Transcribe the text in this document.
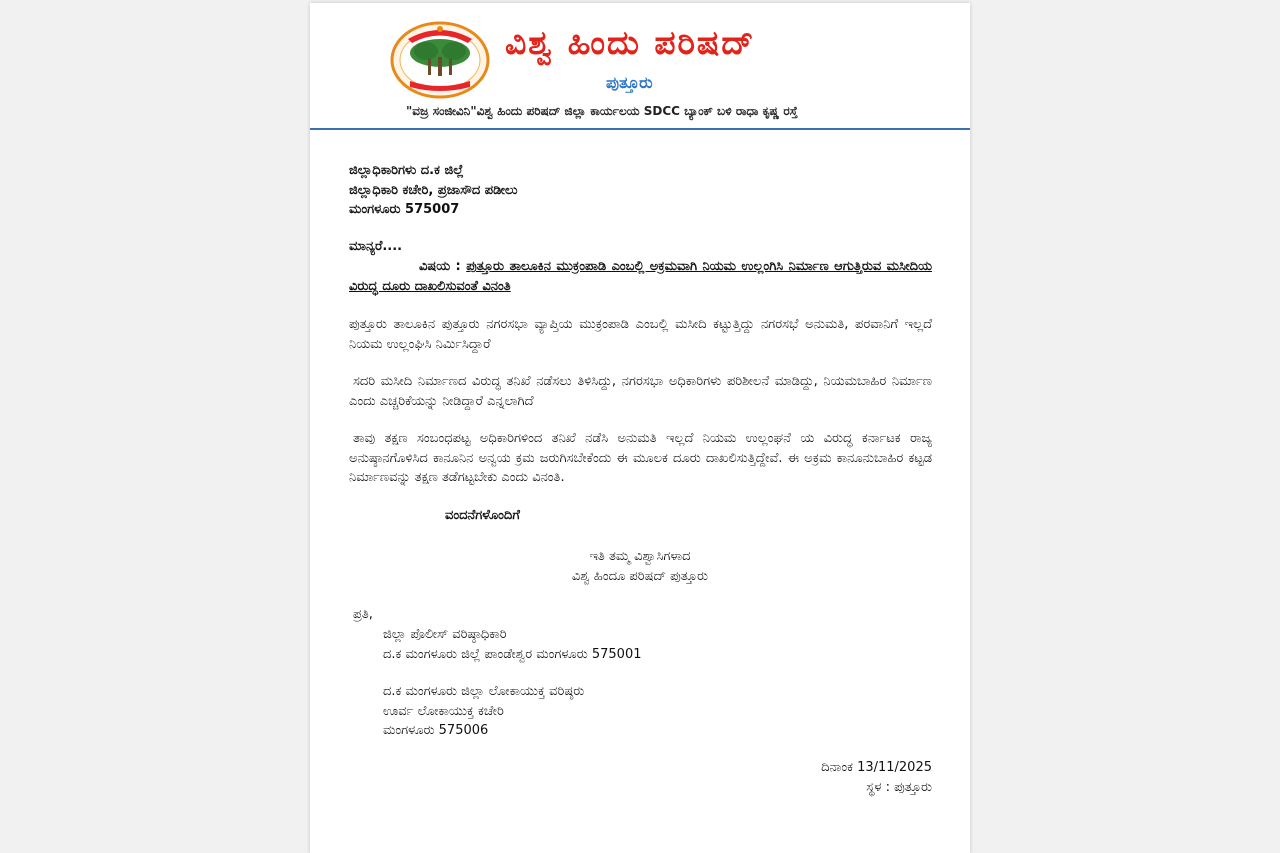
ವಿಶ್ವ ಹಿಂದು ಪರಿಷದ್
ಪುತ್ತೂರು
"ವಜ್ರ ಸಂಜೀವಿನಿ"ವಿಶ್ವ ಹಿಂದು ಪರಿಷದ್ ಜಿಲ್ಲಾ ಕಾರ್ಯಲಯ SDCC ಬ್ಯಾಂಕ್ ಬಳಿ ರಾಧಾ ಕೃಷ್ಣ ರಸ್ತೆ
ಜಿಲ್ಲಾಧಿಕಾರಿಗಳು ದ.ಕ ಜಿಲ್ಲೆ
ಜಿಲ್ಲಾಧಿಕಾರಿ ಕಚೇರಿ, ಪ್ರಜಾಸೌದ ಪಡೀಲು
ಮಂಗಳೂರು 575007
ಮಾನ್ಯರೆ....
ವಿಷಯ : ಪುತ್ತೂರು ತಾಲೂಕಿನ ಮುಕ್ರಂಪಾಡಿ ಎಂಬಲ್ಲಿ ಅಕ್ರಮವಾಗಿ ನಿಯಮ ಉಲ್ಲಂಗಿಸಿ ನಿರ್ಮಾಣ ಆಗುತ್ತಿರುವ ಮಸೀದಿಯ ವಿರುದ್ಧ ದೂರು ದಾಖಲಿಸುವಂತೆ ವಿನಂತಿ
ಪುತ್ತೂರು ತಾಲೂಕಿನ ಪುತ್ತೂರು ನಗರಸಭಾ ವ್ಯಾಪ್ತಿಯ ಮುಕ್ರಂಪಾಡಿ ಎಂಬಲ್ಲಿ ಮಸೀದಿ ಕಟ್ಟುತ್ತಿದ್ದು ನಗರಸಭೆ ಅನುಮತಿ, ಪರವಾನಿಗೆ ಇಲ್ಲದೆ ನಿಯಮ ಉಲ್ಲಂಘಿಸಿ ನಿರ್ಮಿಸಿದ್ದಾರೆ
ಸದರಿ ಮಸೀದಿ ನಿರ್ಮಾಣದ ವಿರುದ್ಧ ತನಿಖೆ ನಡೆಸಲು ತಿಳಿಸಿದ್ದು, ನಗರಸಭಾ ಅಧಿಕಾರಿಗಳು ಪರಿಶೀಲನೆ ಮಾಡಿದ್ದು, ನಿಯಮಬಾಹಿರ ನಿರ್ಮಾಣ ಎಂದು ಎಚ್ಚರಿಕೆಯನ್ನು ನೀಡಿದ್ದಾರೆ ಎನ್ನಲಾಗಿದೆ
ತಾವು ತಕ್ಷಣ ಸಂಬಂಧಪಟ್ಟ ಅಧಿಕಾರಿಗಳಿಂದ ತನಿಖೆ ನಡೆಸಿ ಅನುಮತಿ ಇಲ್ಲದೆ ನಿಯಮ ಉಲ್ಲಂಘನೆ ಯ ವಿರುದ್ಧ ಕರ್ನಾಟಕ ರಾಜ್ಯ ಅನುಷ್ಠಾನಗೊಳಿಸಿದ ಕಾನೂನಿನ ಅನ್ವಯ ಕ್ರಮ ಜರುಗಿಸಬೇಕೆಂದು ಈ ಮೂಲಕ ದೂರು ದಾಖಲಿಸುತ್ತಿದ್ದೇವೆ. ಈ ಅಕ್ರಮ ಕಾನೂನುಬಾಹಿರ ಕಟ್ಟಡ ನಿರ್ಮಾಣವನ್ನು ತಕ್ಷಣ ತಡೆಗಟ್ಟಬೇಕು ಎಂದು ವಿನಂತಿ.
ವಂದನೆಗಳೊಂದಿಗೆ
ಇತಿ ತಮ್ಮ ವಿಶ್ವಾಸಿಗಳಾದ
ವಿಶ್ವ ಹಿಂದೂ ಪರಿಷದ್ ಪುತ್ತೂರು
ಪ್ರತಿ,
ಜಿಲ್ಲಾ ಪೊಲೀಸ್ ವರಿಷ್ಠಾಧಿಕಾರಿ
ದ.ಕ ಮಂಗಳೂರು ಜಿಲ್ಲೆ ಪಾಂಡೇಶ್ವರ ಮಂಗಳೂರು 575001
ದ.ಕ ಮಂಗಳೂರು ಜಿಲ್ಲಾ ಲೋಕಾಯುಕ್ತ ವರಿಷ್ಠರು
ಊರ್ವ ಲೋಕಾಯುಕ್ತ ಕಚೇರಿ
ಮಂಗಳೂರು 575006
ದಿನಾಂಕ 13/11/2025
ಸ್ಥಳ : ಪುತ್ತೂರು
